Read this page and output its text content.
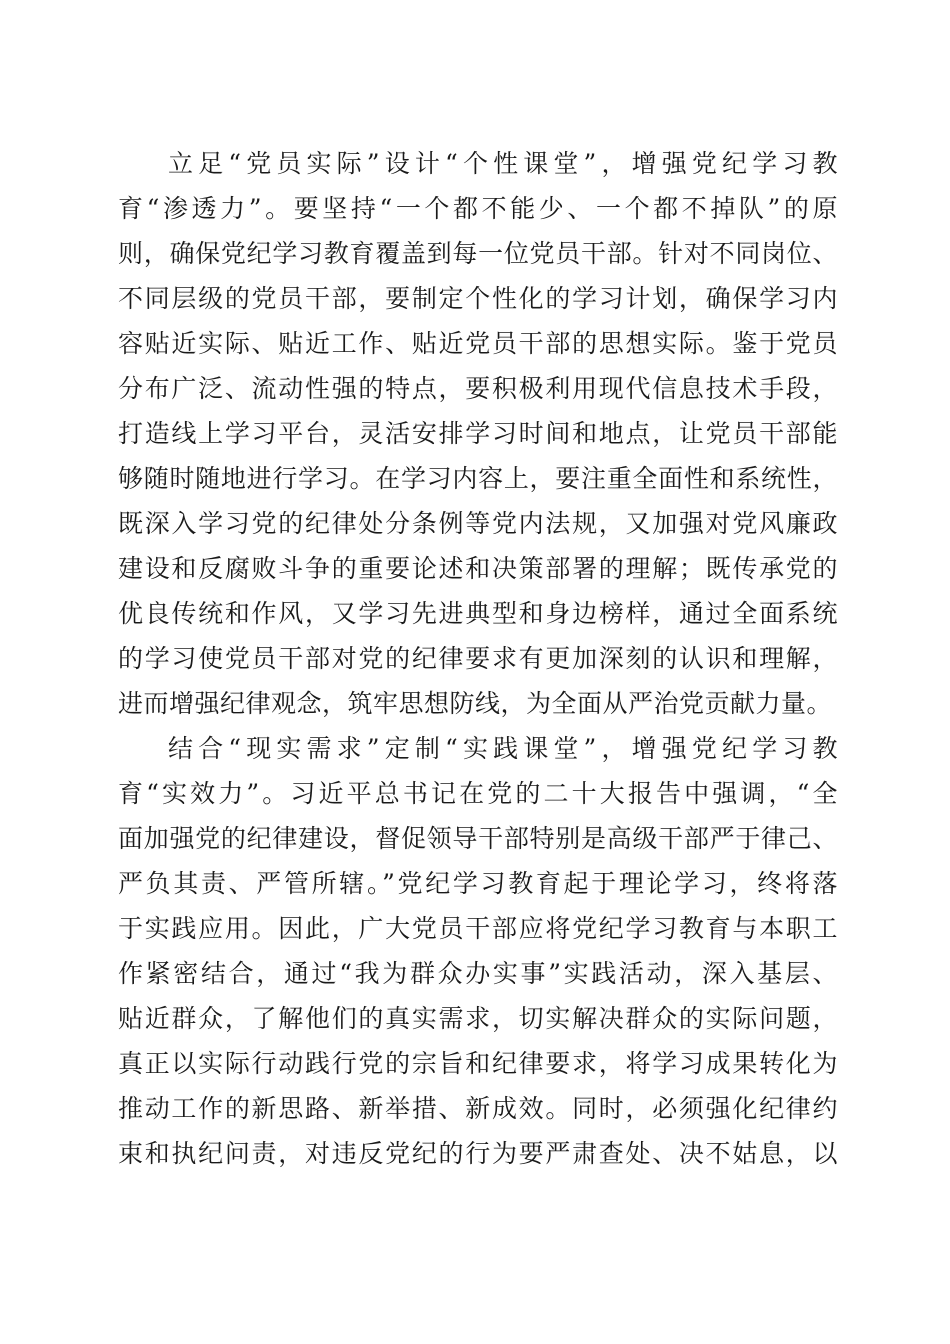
立足“党员实际”设计“个性课堂”，增强党纪学习教
育“渗透力”。要坚持“一个都不能少、一个都不掉队”的原
则，确保党纪学习教育覆盖到每一位党员干部。针对不同岗位、
不同层级的党员干部，要制定个性化的学习计划，确保学习内
容贴近实际、贴近工作、贴近党员干部的思想实际。鉴于党员
分布广泛、流动性强的特点，要积极利用现代信息技术手段，
打造线上学习平台，灵活安排学习时间和地点，让党员干部能
够随时随地进行学习。在学习内容上，要注重全面性和系统性，
既深入学习党的纪律处分条例等党内法规，又加强对党风廉政
建设和反腐败斗争的重要论述和决策部署的理解；既传承党的
优良传统和作风，又学习先进典型和身边榜样，通过全面系统
的学习使党员干部对党的纪律要求有更加深刻的认识和理解，
进而增强纪律观念，筑牢思想防线，为全面从严治党贡献力量。
结合“现实需求”定制“实践课堂”，增强党纪学习教
育“实效力”。习近平总书记在党的二十大报告中强调，“全
面加强党的纪律建设，督促领导干部特别是高级干部严于律己、
严负其责、严管所辖。”党纪学习教育起于理论学习，终将落
于实践应用。因此，广大党员干部应将党纪学习教育与本职工
作紧密结合，通过“我为群众办实事”实践活动，深入基层、
贴近群众，了解他们的真实需求，切实解决群众的实际问题，
真正以实际行动践行党的宗旨和纪律要求，将学习成果转化为
推动工作的新思路、新举措、新成效。同时，必须强化纪律约
束和执纪问责，对违反党纪的行为要严肃查处、决不姑息，以
